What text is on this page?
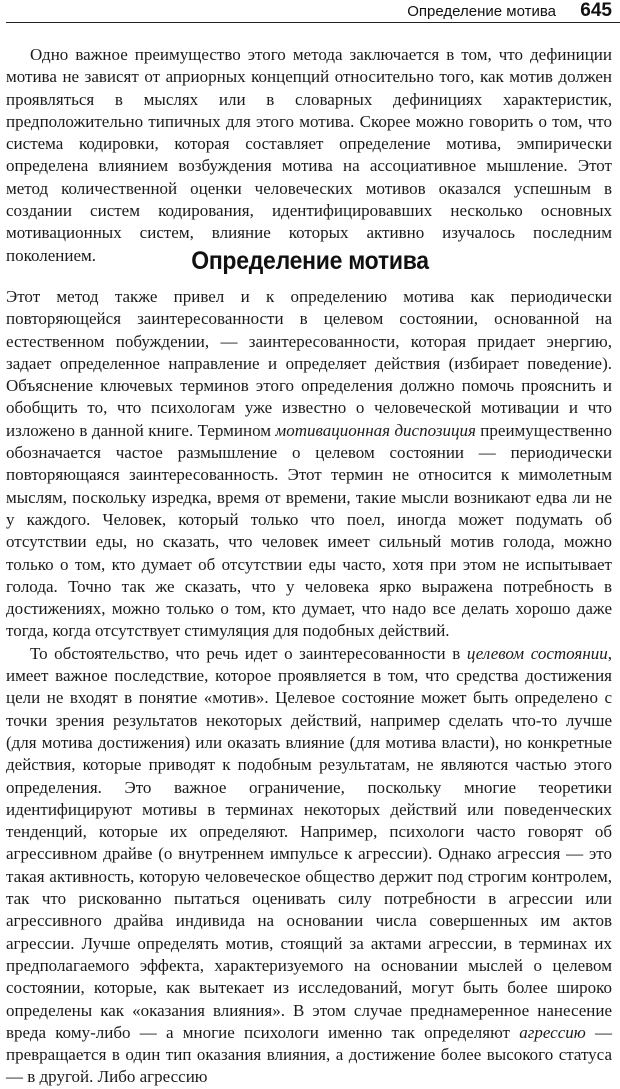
Определение мотива 645

Одно важное преимущество этого метода заключается в том, что дефиниции мотива не зависят от априорных концепций относительно того, как мотив должен проявляться в мыслях или в словарных дефинициях характеристик, предположительно типичных для этого мотива. Скорее можно говорить о том, что система кодировки, которая составляет определение мотива, эмпирически определена влиянием возбуждения мотива на ассоциативное мышление. Этот метод количественной оценки человеческих мотивов оказался успешным в создании систем кодирования, идентифицировавших несколько основных мотивационных систем, влияние которых активно изучалось последним поколением.	Определение мотива

Этот метод также привел и к определению мотива как периодически повторяющейся заинтересованности в целевом состоянии, основанной на естественном побуждении, — заинтересованности, которая придает энергию, задает определенное направление и определяет действия (избирает поведение). Объяснение ключевых терминов этого определения должно помочь прояснить и обобщить то, что психологам уже известно о человеческой мотивации и что изложено в данной книге. Термином мотивационная диспозиция преимущественно обозначается частое размышление о целевом состоянии — периодически повторяющаяся заинтересованность. Этот термин не относится к мимолетным мыслям, поскольку изредка, время от времени, такие мысли возникают едва ли не у каждого. Человек, который только что поел, иногда может подумать об отсутствии еды, но сказать, что человек имеет сильный мотив голода, можно только о том, кто думает об отсутствии еды часто, хотя при этом не испытывает голода. Точно так же сказать, что у человека ярко выражена потребность в достижениях, можно только о том, кто думает, что надо все делать хорошо даже тогда, когда отсутствует стимуляция для подобных действий.

То обстоятельство, что речь идет о заинтересованности в целевом состоянии, имеет важное последствие, которое проявляется в том, что средства достижения цели не входят в понятие «мотив». Целевое состояние может быть определено с точки зрения результатов некоторых действий, например сделать что-то лучше (для мотива достижения) или оказать влияние (для мотива власти), но конкретные действия, которые приводят к подобным результатам, не являются частью этого определения. Это важное ограничение, поскольку многие теоретики идентифицируют мотивы в терминах некоторых действий или поведенческих тенденций, которые их определяют. Например, психологи часто говорят об агрессивном драйве (о внутреннем импульсе к агрессии). Однако агрессия — это такая активность, которую человеческое общество держит под строгим контролем, так что рискованно пытаться оценивать силу потребности в агрессии или агрессивного драйва индивида на основании числа совершенных им актов агрессии. Лучше определять мотив, стоящий за актами агрессии, в терминах их предполагаемого эффекта, характеризуемого на основании мыслей о целевом состоянии, которые, как вытекает из исследований, могут быть более широко определены как «оказания влияния». В этом случае преднамеренное нанесение вреда кому-либо — а многие психологи именно так определяют агрессию — превращается в один тип оказания влияния, а достижение более высокого статуса — в другой. Либо агрессию
